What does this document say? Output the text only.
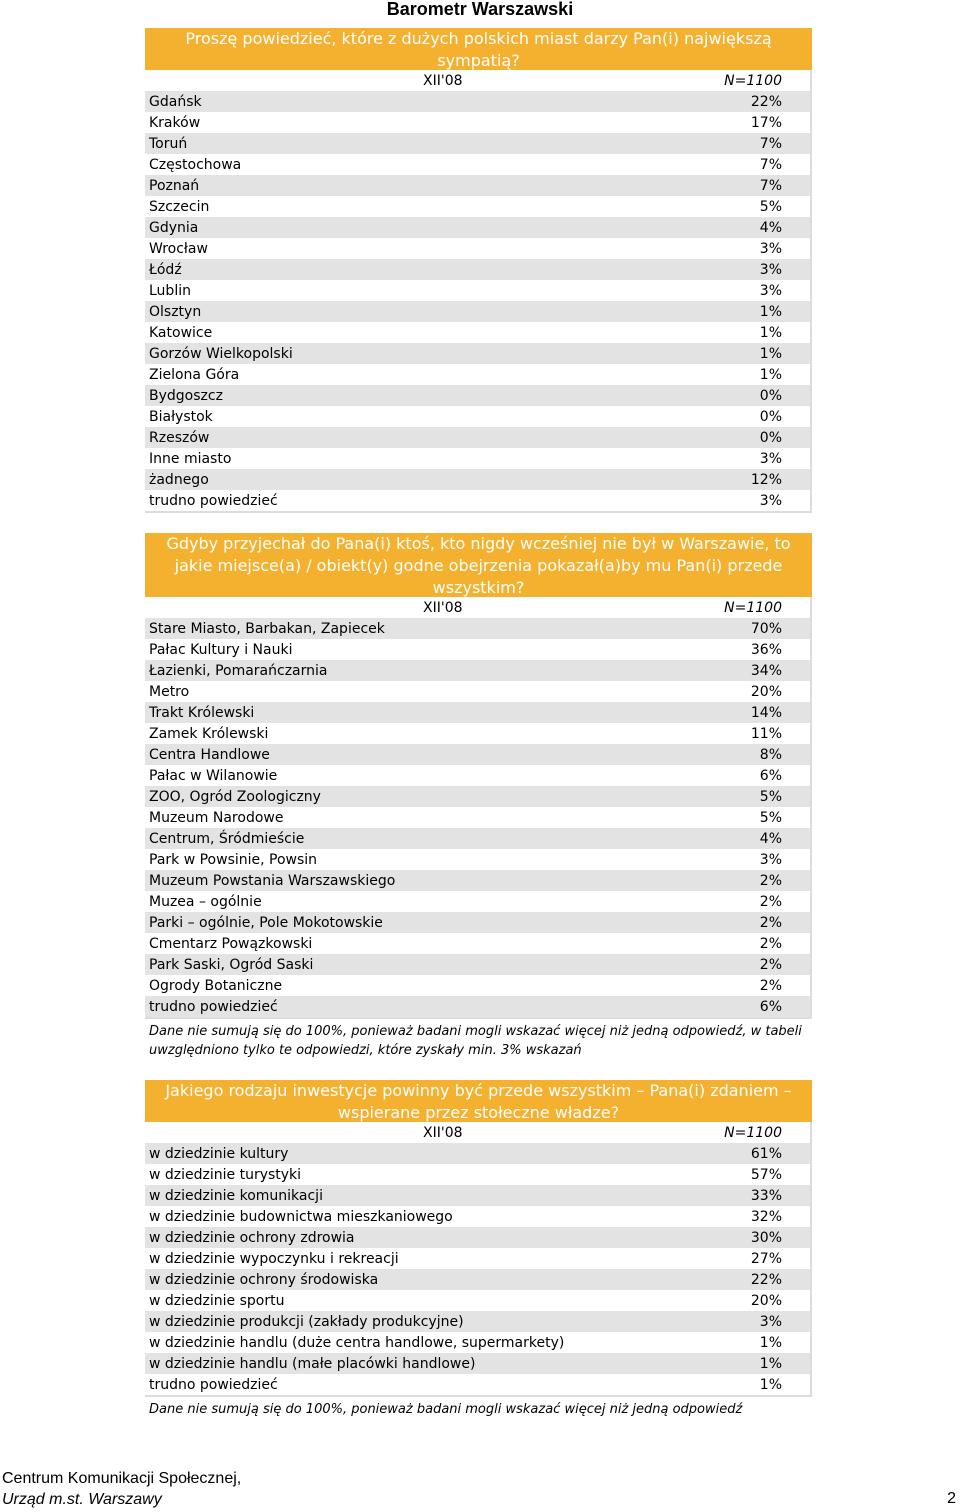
Barometr Warszawski
Proszę powiedzieć, które z dużych polskich miast darzy Pan(i) największą sympatią?
XII'08	N=1100
Gdańsk	22%
Kraków	17%
Toruń	7%
Częstochowa	7%
Poznań	7%
Szczecin	5%
Gdynia	4%
Wrocław	3%
Łódź	3%
Lublin	3%
Olsztyn	1%
Katowice	1%
Gorzów Wielkopolski	1%
Zielona Góra	1%
Bydgoszcz	0%
Białystok	0%
Rzeszów	0%
Inne miasto	3%
żadnego	12%
trudno powiedzieć	3%
Gdyby przyjechał do Pana(i) ktoś, kto nigdy wcześniej nie był w Warszawie, to jakie miejsce(a) / obiekt(y) godne obejrzenia pokazał(a)by mu Pan(i) przede wszystkim?
XII'08	N=1100
Stare Miasto, Barbakan, Zapiecek	70%
Pałac Kultury i Nauki	36%
Łazienki, Pomarańczarnia	34%
Metro	20%
Trakt Królewski	14%
Zamek Królewski	11%
Centra Handlowe	8%
Pałac w Wilanowie	6%
ZOO, Ogród Zoologiczny	5%
Muzeum Narodowe	5%
Centrum, Śródmieście	4%
Park w Powsinie, Powsin	3%
Muzeum Powstania Warszawskiego	2%
Muzea – ogólnie	2%
Parki – ogólnie, Pole Mokotowskie	2%
Cmentarz Powązkowski	2%
Park Saski, Ogród Saski	2%
Ogrody Botaniczne	2%
trudno powiedzieć	6%
Dane nie sumują się do 100%, ponieważ badani mogli wskazać więcej niż jedną odpowiedź, w tabeli uwzględniono tylko te odpowiedzi, które zyskały min. 3% wskazań
Jakiego rodzaju inwestycje powinny być przede wszystkim – Pana(i) zdaniem – wspierane przez stołeczne władze?
XII'08	N=1100
w dziedzinie kultury	61%
w dziedzinie turystyki	57%
w dziedzinie komunikacji	33%
w dziedzinie budownictwa mieszkaniowego	32%
w dziedzinie ochrony zdrowia	30%
w dziedzinie wypoczynku i rekreacji	27%
w dziedzinie ochrony środowiska	22%
w dziedzinie sportu	20%
w dziedzinie produkcji (zakłady produkcyjne)	3%
w dziedzinie handlu (duże centra handlowe, supermarkety)	1%
w dziedzinie handlu (małe placówki handlowe)	1%
trudno powiedzieć	1%
Dane nie sumują się do 100%, ponieważ badani mogli wskazać więcej niż jedną odpowiedź
Centrum Komunikacji Społecznej,
Urząd m.st. Warszawy	2
